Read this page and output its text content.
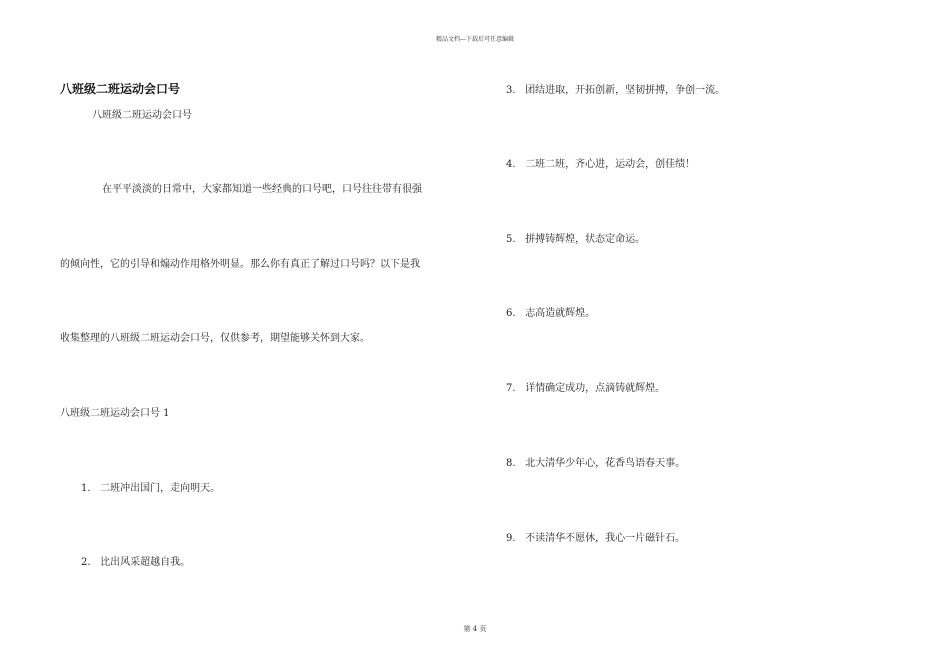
精品文档---下载后可任意编辑
八班级二班运动会口号
八班级二班运动会口号
在平平淡淡的日常中，大家都知道一些经典的口号吧，口号往往带有很强
的倾向性，它的引导和煽动作用格外明显。那么你有真正了解过口号吗？以下是我
收集整理的八班级二班运动会口号，仅供参考，期望能够关怀到大家。
八班级二班运动会口号 1
1. 二班冲出国门，走向明天。
2. 比出风采超越自我。
3. 团结进取，开拓创新，坚韧拼搏，争创一流。
4. 二班二班，齐心进，运动会，创佳绩！
5. 拼搏铸辉煌，状态定命运。
6. 志高造就辉煌。
7. 详情确定成功，点滴铸就辉煌。
8. 北大清华少年心，花香鸟语春天事。
9. 不读清华不愿休，我心一片磁针石。
第 4 页
